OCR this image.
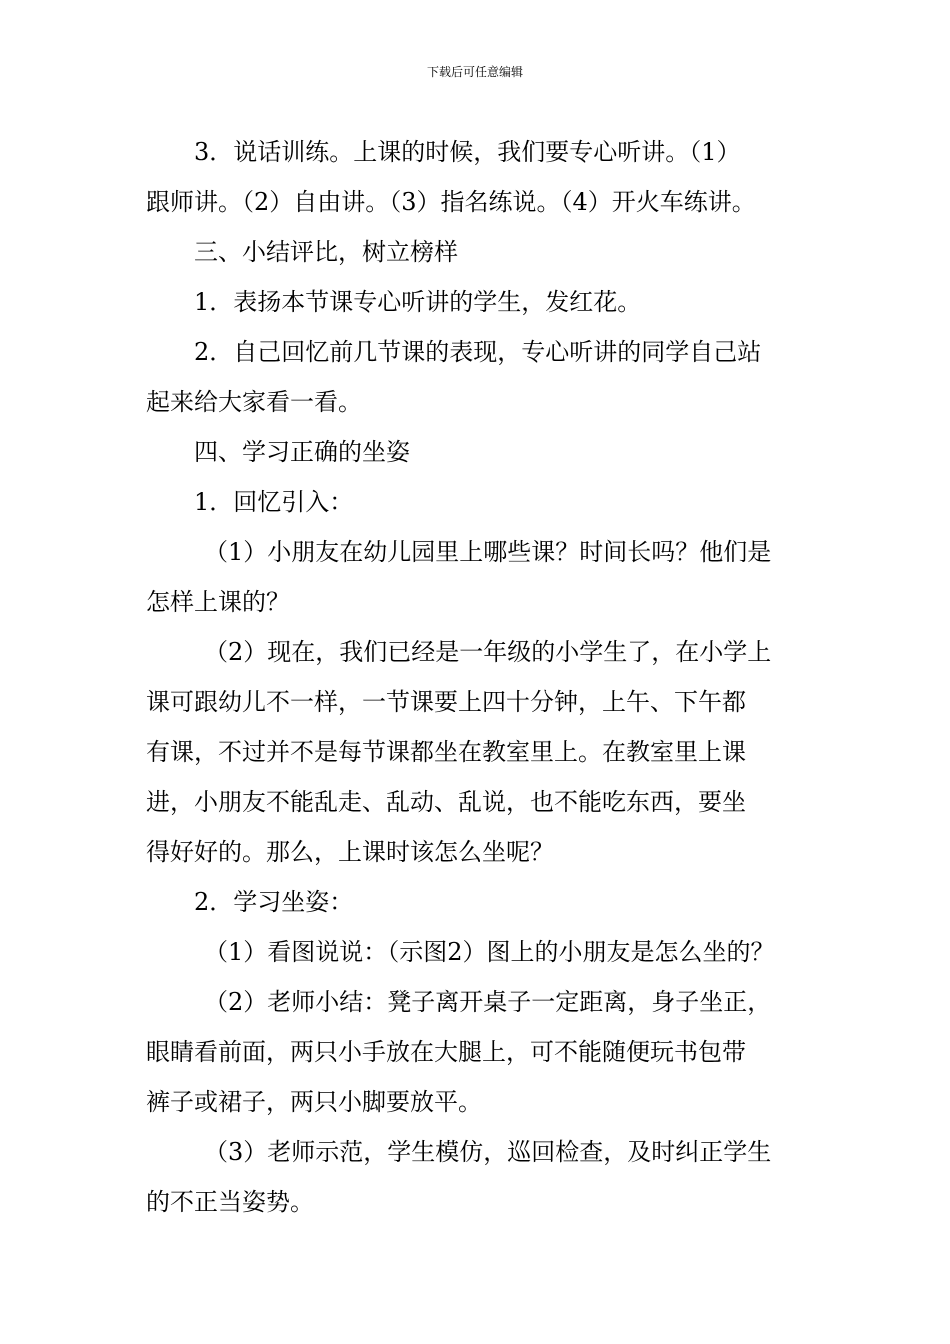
下载后可任意编辑
3．说话训练。上课的时候，我们要专心听讲。（1）
跟师讲。（2）自由讲。（3）指名练说。（4）开火车练讲。
三、小结评比，树立榜样
1．表扬本节课专心听讲的学生，发红花。
2．自己回忆前几节课的表现，专心听讲的同学自己站
起来给大家看一看。
四、学习正确的坐姿
1．回忆引入：
（1）小朋友在幼儿园里上哪些课？时间长吗？他们是
怎样上课的？
（2）现在，我们已经是一年级的小学生了，在小学上
课可跟幼儿不一样，一节课要上四十分钟，上午、下午都
有课，不过并不是每节课都坐在教室里上。在教室里上课
进，小朋友不能乱走、乱动、乱说，也不能吃东西，要坐
得好好的。那么，上课时该怎么坐呢？
2．学习坐姿：
（1）看图说说：（示图2）图上的小朋友是怎么坐的？
（2）老师小结：凳子离开桌子一定距离，身子坐正，
眼睛看前面，两只小手放在大腿上，可不能随便玩书包带
裤子或裙子，两只小脚要放平。
（3）老师示范，学生模仿，巡回检查，及时纠正学生
的不正当姿势。
